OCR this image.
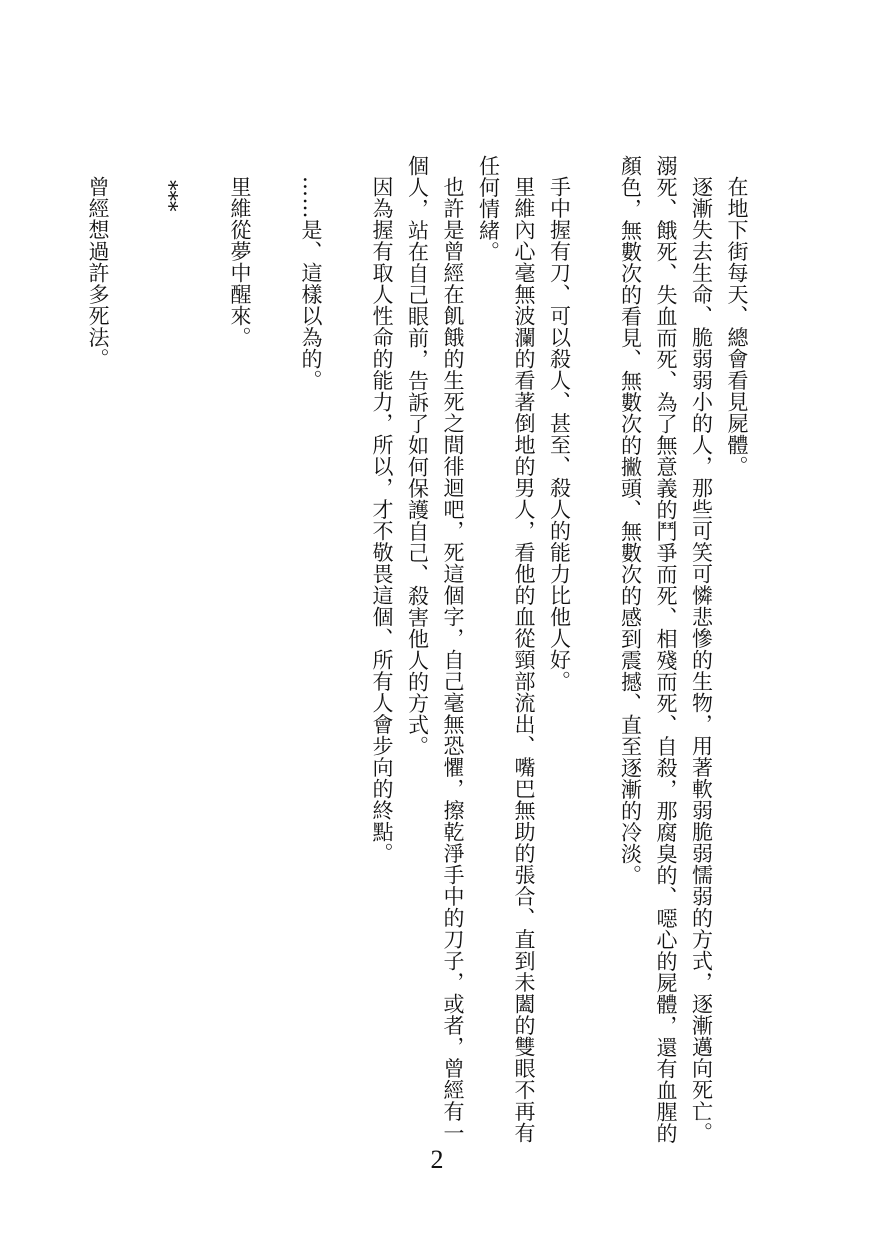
在地下街每天、總會看見屍體。

逐漸失去生命、脆弱弱小的人，那些可笑可憐悲慘的生物，用著軟弱脆弱懦弱的方式，逐漸邁向死亡。溺死、餓死、失血而死、為了無意義的鬥爭而死、相殘而死、自殺，那腐臭的、噁心的屍體，還有血腥的顏色，無數次的看見、無數次的撇頭、無數次的感到震撼、直至逐漸的冷淡。

手中握有刀、可以殺人、甚至、殺人的能力比他人好。

里維內心毫無波瀾的看著倒地的男人，看他的血從頸部流出、嘴巴無助的張合、直到未闔的雙眼不再有任何情緒。

也許是曾經在飢餓的生死之間徘迴吧，死這個字，自己毫無恐懼，擦乾淨手中的刀子，或者，曾經有一個人，站在自己眼前，告訴了如何保護自己、殺害他人的方式。

因為握有取人性命的能力，所以，才不敬畏這個、所有人會步向的終點。

……是、這樣以為的。

里維從夢中醒來。

***

曾經想過許多死法。

2
